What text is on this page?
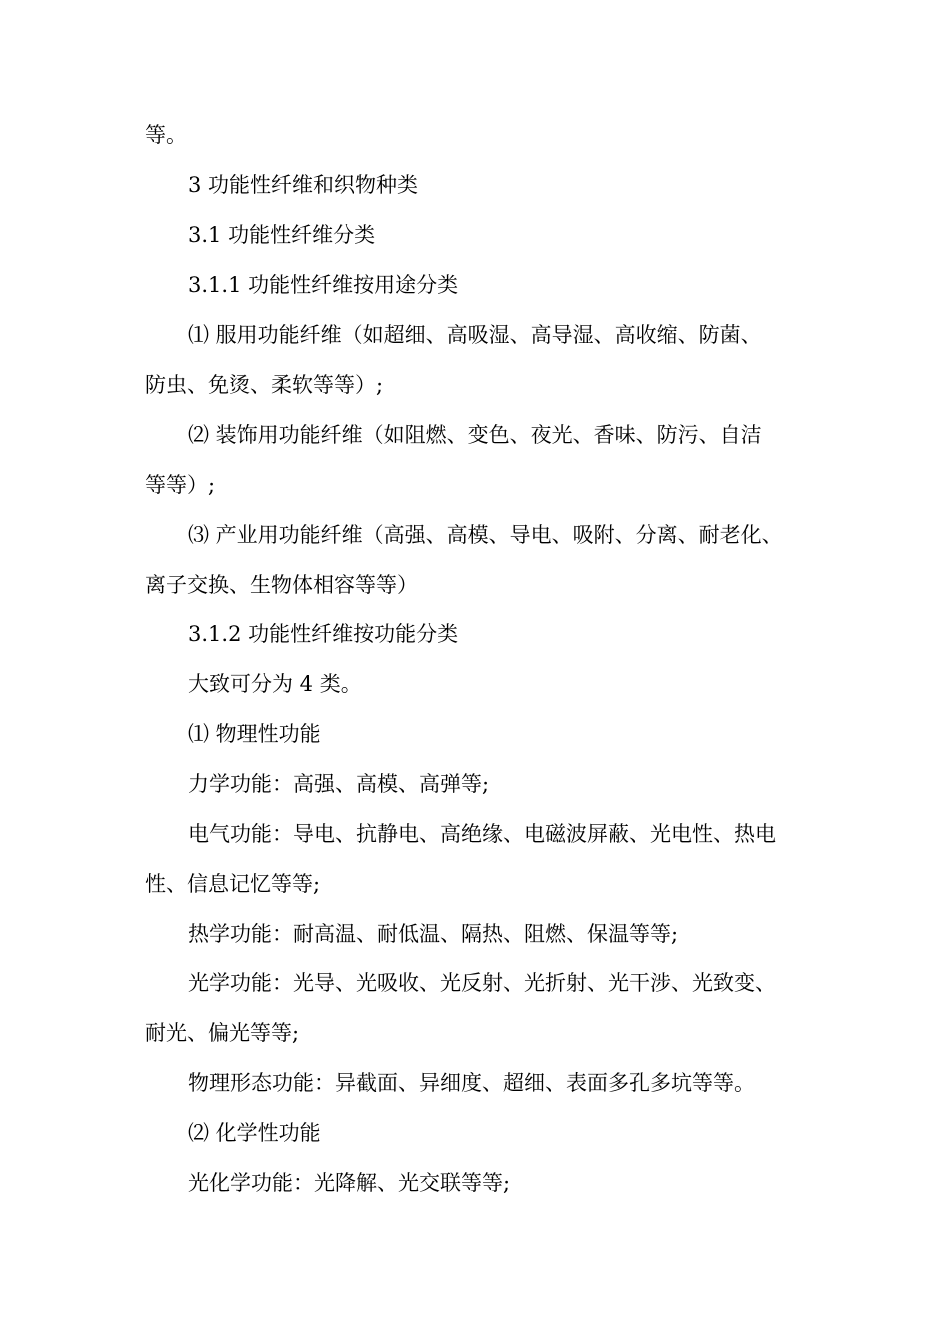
等。
3 功能性纤维和织物种类
3.1 功能性纤维分类
3.1.1 功能性纤维按用途分类
⑴ 服用功能纤维（如超细、高吸湿、高导湿、高收缩、防菌、
防虫、免烫、柔软等等）;
⑵ 装饰用功能纤维（如阻燃、变色、夜光、香味、防污、自洁
等等）;
⑶ 产业用功能纤维（高强、高模、导电、吸附、分离、耐老化、
离子交换、生物体相容等等）
3.1.2 功能性纤维按功能分类
大致可分为 4 类。
⑴ 物理性功能
力学功能：高强、高模、高弹等;
电气功能：导电、抗静电、高绝缘、电磁波屏蔽、光电性、热电
性、信息记忆等等;
热学功能：耐高温、耐低温、隔热、阻燃、保温等等;
光学功能：光导、光吸收、光反射、光折射、光干涉、光致变、
耐光、偏光等等;
物理形态功能：异截面、异细度、超细、表面多孔多坑等等。
⑵ 化学性功能
光化学功能：光降解、光交联等等;
